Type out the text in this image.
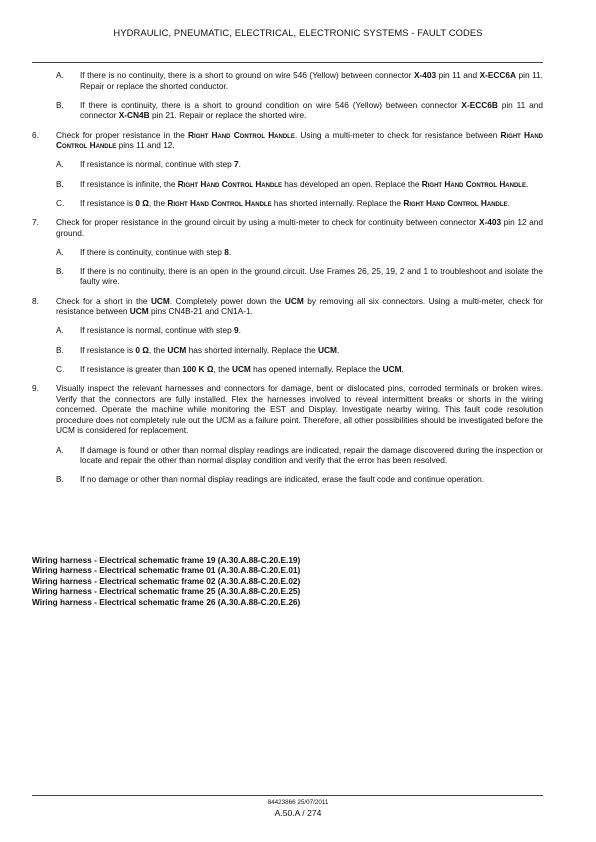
HYDRAULIC, PNEUMATIC, ELECTRICAL, ELECTRONIC SYSTEMS - FAULT CODES
A. If there is no continuity, there is a short to ground on wire 546 (Yellow) between connector X-403 pin 11 and X-ECC6A pin 11. Repair or replace the shorted conductor.
B. If there is continuity, there is a short to ground condition on wire 546 (Yellow) between connector X-ECC6B pin 11 and connector X-CN4B pin 21. Repair or replace the shorted wire.
6. Check for proper resistance in the Right Hand Control Handle. Using a multi-meter to check for resistance between Right Hand Control Handle pins 11 and 12.
A. If resistance is normal, continue with step 7.
B. If resistance is infinite, the Right Hand Control Handle has developed an open. Replace the Right Hand Control Handle.
C. If resistance is 0 Ω, the Right Hand Control Handle has shorted internally. Replace the Right Hand Control Handle.
7. Check for proper resistance in the ground circuit by using a multi-meter to check for continuity between connector X-403 pin 12 and ground.
A. If there is continuity, continue with step 8.
B. If there is no continuity, there is an open in the ground circuit. Use Frames 26, 25, 19, 2 and 1 to troubleshoot and isolate the faulty wire.
8. Check for a short in the UCM. Completely power down the UCM by removing all six connectors. Using a multi-meter, check for resistance between UCM pins CN4B-21 and CN1A-1.
A. If resistance is normal, continue with step 9.
B. If resistance is 0 Ω, the UCM has shorted internally. Replace the UCM.
C. If resistance is greater than 100 K Ω, the UCM has opened internally. Replace the UCM.
9. Visually inspect the relevant harnesses and connectors for damage, bent or dislocated pins, corroded terminals or broken wires. Verify that the connectors are fully installed. Flex the harnesses involved to reveal intermittent breaks or shorts in the wiring concerned. Operate the machine while monitoring the EST and Display. Investigate nearby wiring. This fault code resolution procedure does not completely rule out the UCM as a failure point. Therefore, all other possibilities should be investigated before the UCM is considered for replacement.
A. If damage is found or other than normal display readings are indicated, repair the damage discovered during the inspection or locate and repair the other than normal display condition and verify that the error has been resolved.
B. If no damage or other than normal display readings are indicated, erase the fault code and continue operation.
Wiring harness - Electrical schematic frame 19 (A.30.A.88-C.20.E.19)
Wiring harness - Electrical schematic frame 01 (A.30.A.88-C.20.E.01)
Wiring harness - Electrical schematic frame 02 (A.30.A.88-C.20.E.02)
Wiring harness - Electrical schematic frame 25 (A.30.A.88-C.20.E.25)
Wiring harness - Electrical schematic frame 26 (A.30.A.88-C.20.E.26)
84423866 25/07/2011
A.50.A / 274
